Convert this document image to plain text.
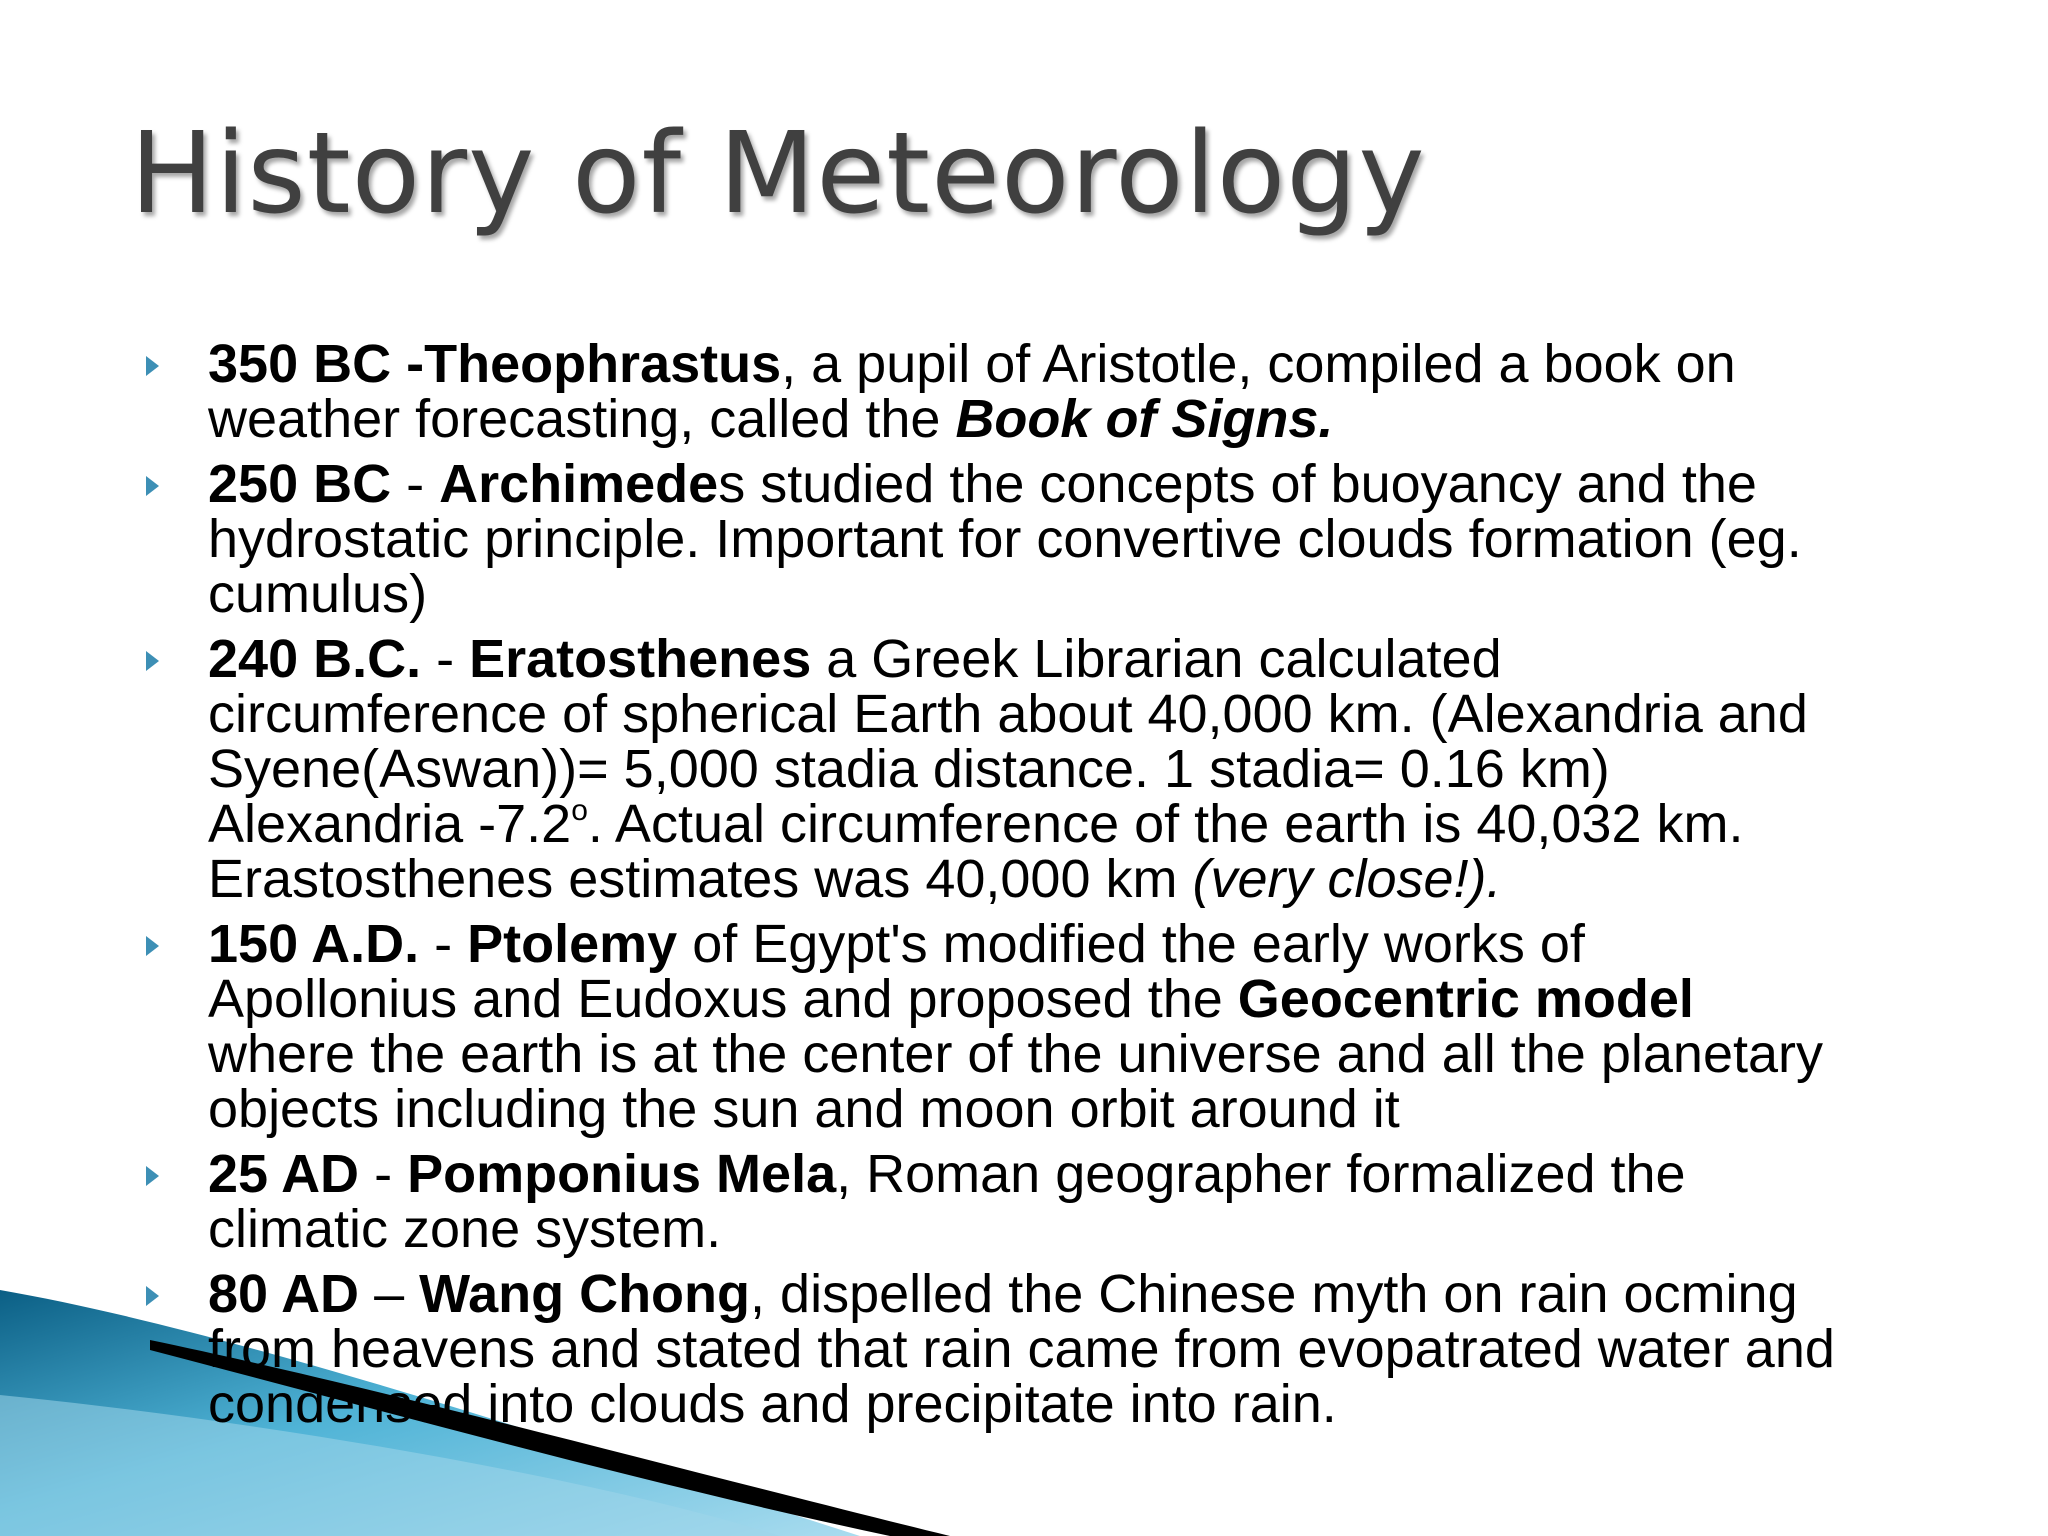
History of Meteorology
350 BC -Theophrastus, a pupil of Aristotle, compiled a book on
weather forecasting, called the Book of Signs.
250 BC - Archimedes studied the concepts of buoyancy and the
hydrostatic principle. Important for convertive clouds formation (eg.
cumulus)
240 B.C. - Eratosthenes a Greek Librarian calculated
circumference of spherical Earth about 40,000 km. (Alexandria and
Syene(Aswan))= 5,000 stadia distance. 1 stadia= 0.16 km)
Alexandria -7.2$^o$. Actual circumference of the earth is 40,032 km.
Erastosthenes estimates was 40,000 km (very close!).
150 A.D. - Ptolemy of Egypt's modified the early works of
Apollonius and Eudoxus and proposed the Geocentric model
where the earth is at the center of the universe and all the planetary
objects including the sun and moon orbit around it
25 AD - Pomponius Mela, Roman geographer formalized the
climatic zone system.
80 AD – Wang Chong, dispelled the Chinese myth on rain ocming
from heavens and stated that rain came from evopatrated water and
condensed into clouds and precipitate into rain.
